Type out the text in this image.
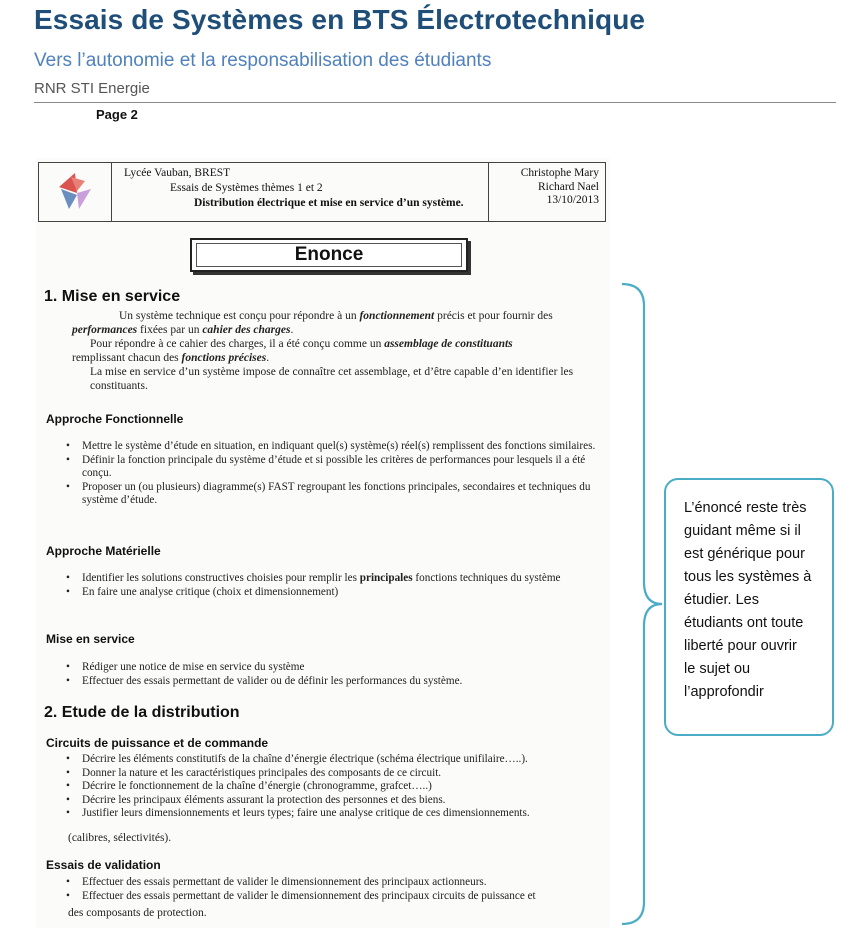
Essais de Systèmes en BTS Électrotechnique
Vers l’autonomie et la responsabilisation des étudiants
RNR STI Energie
Page 2
Lycée Vauban, BREST
Essais de Systèmes thèmes 1 et 2
Distribution électrique et mise en service d’un système.
Christophe Mary
Richard Nael
13/10/2013
Enonce
1. Mise en service
Un système technique est conçu pour répondre à un fonctionnement précis et pour fournir des
performances fixées par un cahier des charges.
Pour répondre à ce cahier des charges, il a été conçu comme un assemblage de constituants
remplissant chacun des fonctions précises.
La mise en service d’un système impose de connaître cet assemblage, et d’être capable d’en identifier les constituants.
Approche Fonctionnelle
• Mettre le système d’étude en situation, en indiquant quel(s) système(s) réel(s) remplissent des fonctions similaires.
• Définir la fonction principale du système d’étude et si possible les critères de performances pour lesquels il a été conçu.
• Proposer un (ou plusieurs) diagramme(s) FAST regroupant les fonctions principales, secondaires et techniques du système d’étude.
Approche Matérielle
• Identifier les solutions constructives choisies pour remplir les principales fonctions techniques du système
• En faire une analyse critique (choix et dimensionnement)
Mise en service
• Rédiger une notice de mise en service du système
• Effectuer des essais permettant de valider ou de définir les performances du système.
2. Etude de la distribution
Circuits de puissance et de commande
• Décrire les éléments constitutifs de la chaîne d’énergie électrique (schéma électrique unifilaire…..).
• Donner la nature et les caractéristiques principales des composants de ce circuit.
• Décrire le fonctionnement de la chaîne d’énergie (chronogramme, grafcet…..)
• Décrire les principaux éléments assurant la protection des personnes et des biens.
• Justifier leurs dimensionnements et leurs types; faire une analyse critique de ces dimensionnements.
(calibres, sélectivités).
Essais de validation
• Effectuer des essais permettant de valider le dimensionnement des principaux actionneurs.
• Effectuer des essais permettant de valider le dimensionnement des principaux circuits de puissance et
des composants de protection.
L’énoncé reste très
guidant même si il
est générique pour
tous les systèmes à
étudier. Les
étudiants ont toute
liberté pour ouvrir
le sujet ou
l’approfondir
